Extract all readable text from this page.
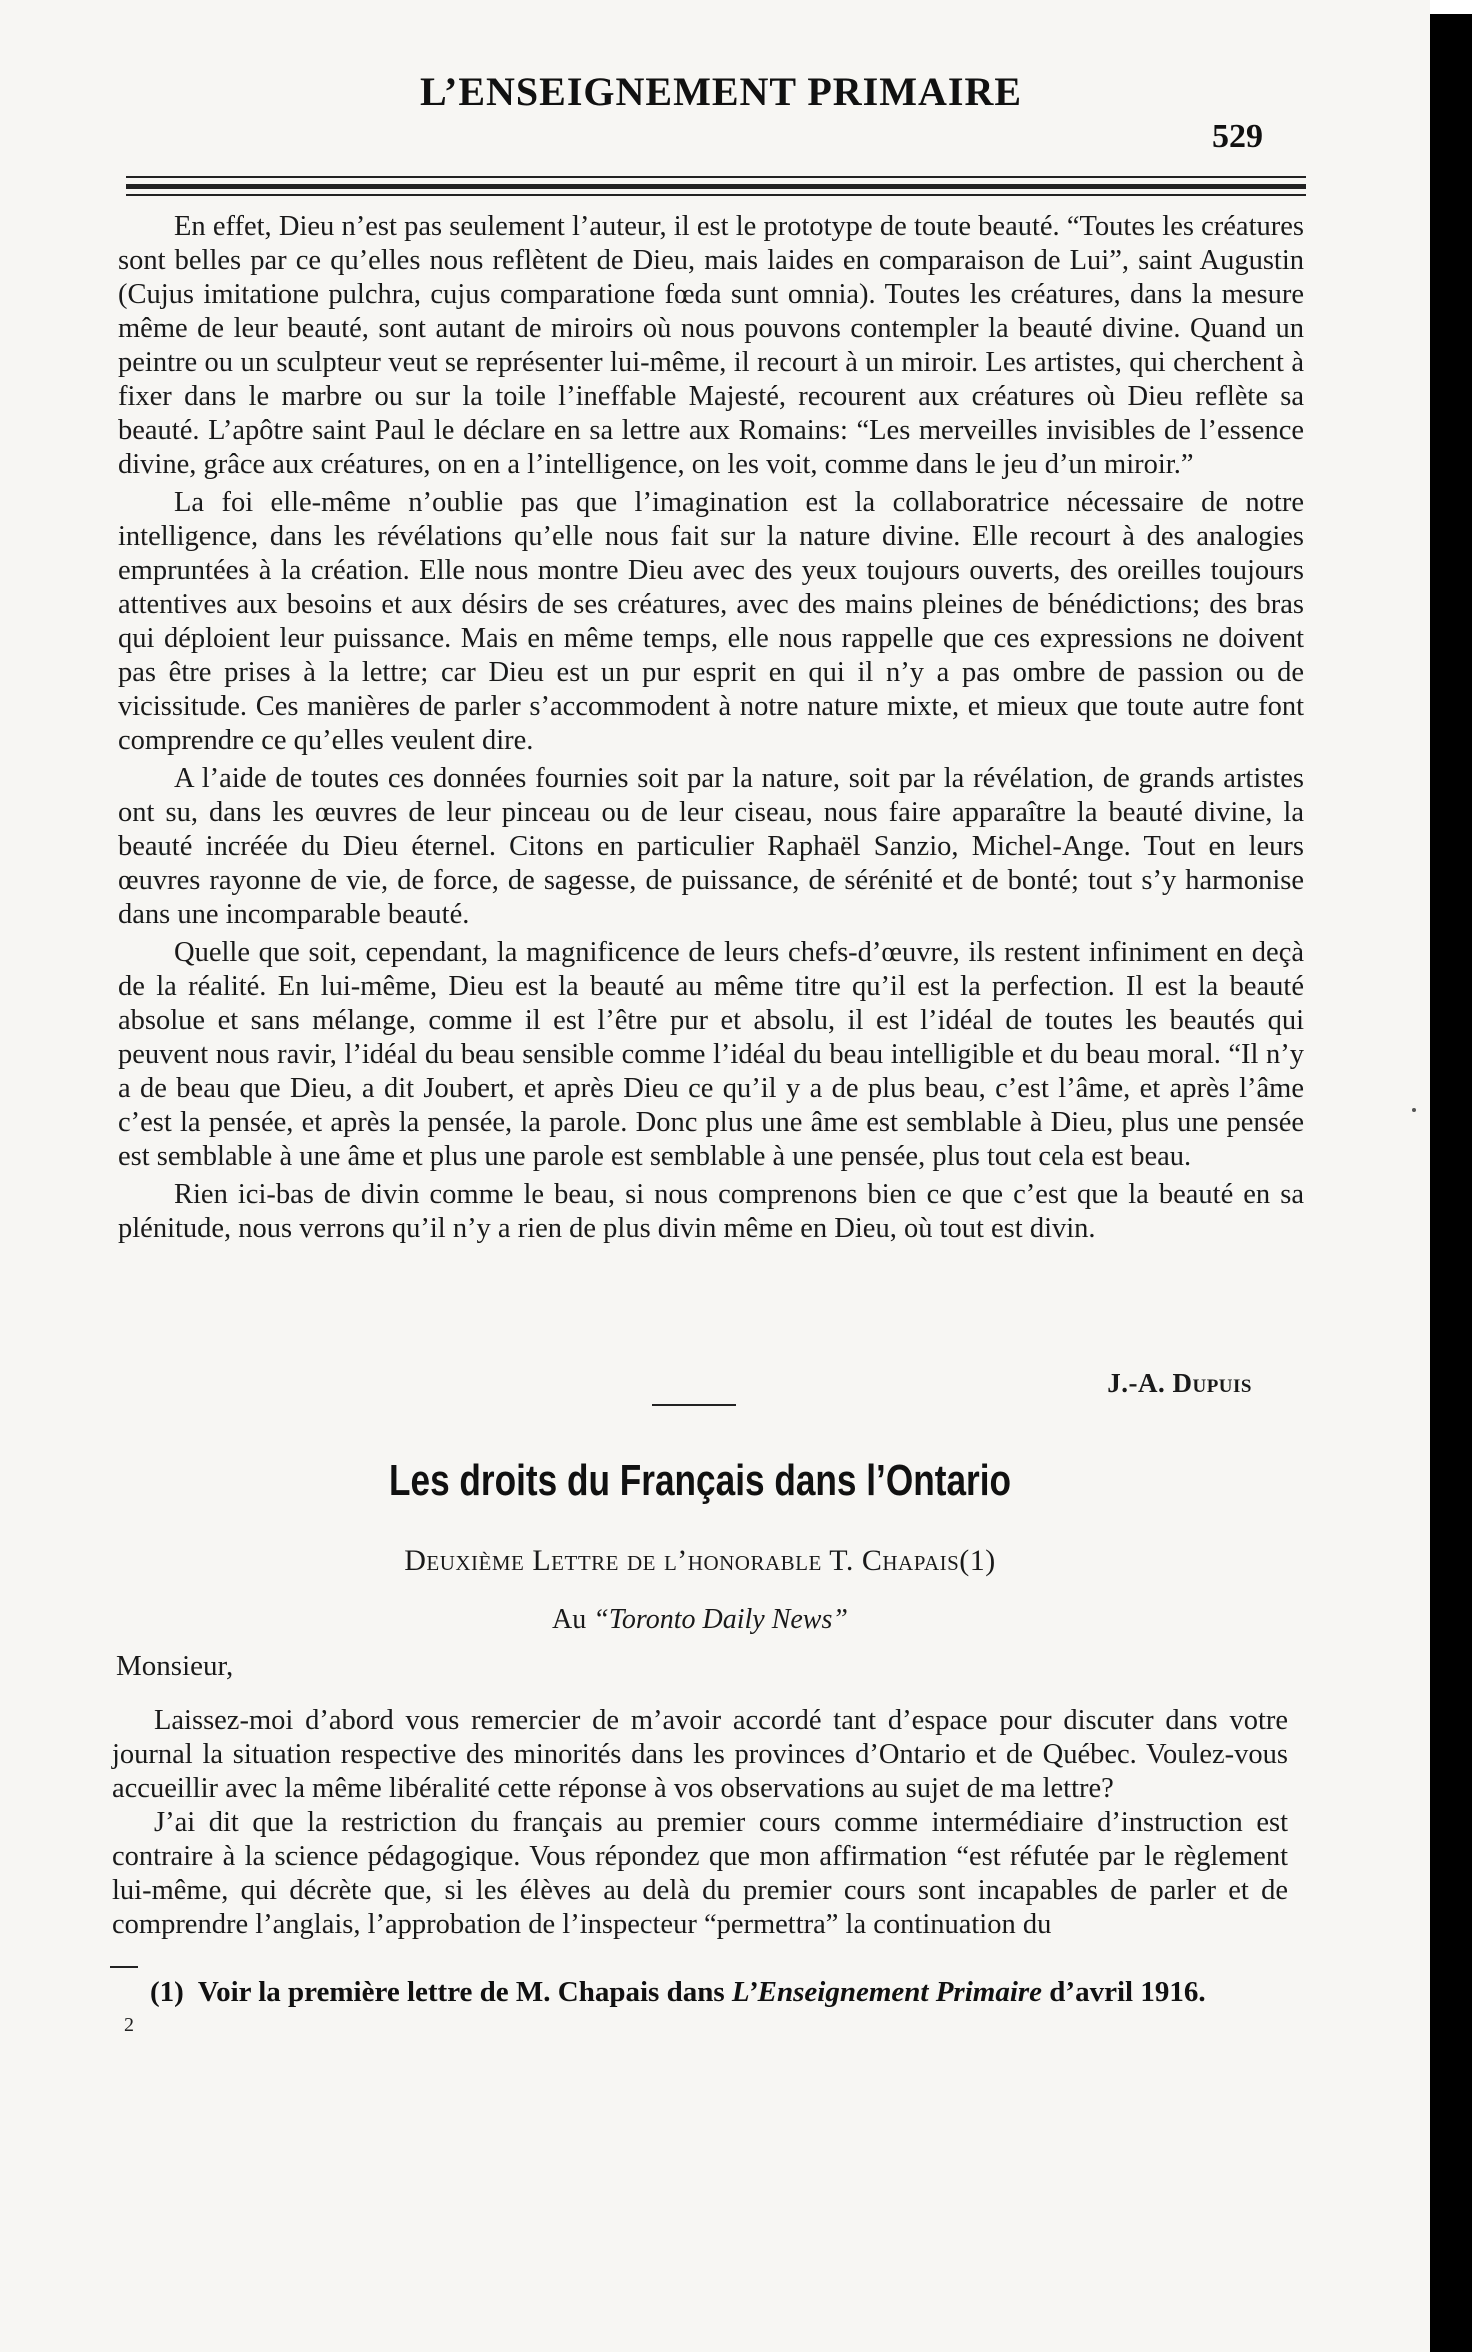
L’ENSEIGNEMENT PRIMAIRE
529

En effet, Dieu n’est pas seulement l’auteur, il est le prototype de toute beauté. “Toutes les créatures sont belles par ce qu’elles nous reflètent de Dieu, mais laides en comparaison de Lui”, saint Augustin (Cujus imitatione pulchra, cujus comparatione fœda sunt omnia). Toutes les créatures, dans la mesure même de leur beauté, sont autant de miroirs où nous pouvons contempler la beauté divine. Quand un peintre ou un sculpteur veut se représenter lui-même, il recourt à un miroir. Les artistes, qui cherchent à fixer dans le marbre ou sur la toile l’ineffable Majesté, recourent aux créatures où Dieu reflète sa beauté. L’apôtre saint Paul le déclare en sa lettre aux Romains: “Les merveilles invisibles de l’essence divine, grâce aux créatures, on en a l’intelligence, on les voit, comme dans le jeu d’un miroir.”

La foi elle-même n’oublie pas que l’imagination est la collaboratrice nécessaire de notre intelligence, dans les révélations qu’elle nous fait sur la nature divine. Elle recourt à des analogies empruntées à la création. Elle nous montre Dieu avec des yeux toujours ouverts, des oreilles toujours attentives aux besoins et aux désirs de ses créatures, avec des mains pleines de bénédictions; des bras qui déploient leur puissance. Mais en même temps, elle nous rappelle que ces expressions ne doivent pas être prises à la lettre; car Dieu est un pur esprit en qui il n’y a pas ombre de passion ou de vicissitude. Ces manières de parler s’accommodent à notre nature mixte, et mieux que toute autre font comprendre ce qu’elles veulent dire.

A l’aide de toutes ces données fournies soit par la nature, soit par la révélation, de grands artistes ont su, dans les œuvres de leur pinceau ou de leur ciseau, nous faire apparaître la beauté divine, la beauté incréée du Dieu éternel. Citons en particulier Raphaël Sanzio, Michel-Ange. Tout en leurs œuvres rayonne de vie, de force, de sagesse, de puissance, de sérénité et de bonté; tout s’y harmonise dans une incomparable beauté.

Quelle que soit, cependant, la magnificence de leurs chefs-d’œuvre, ils restent infiniment en deçà de la réalité. En lui-même, Dieu est la beauté au même titre qu’il est la perfection. Il est la beauté absolue et sans mélange, comme il est l’être pur et absolu, il est l’idéal de toutes les beautés qui peuvent nous ravir, l’idéal du beau sensible comme l’idéal du beau intelligible et du beau moral. “Il n’y a de beau que Dieu, a dit Joubert, et après Dieu ce qu’il y a de plus beau, c’est l’âme, et après l’âme c’est la pensée, et après la pensée, la parole. Donc plus une âme est semblable à Dieu, plus une pensée est semblable à une âme et plus une parole est semblable à une pensée, plus tout cela est beau.

Rien ici-bas de divin comme le beau, si nous comprenons bien ce que c’est que la beauté en sa plénitude, nous verrons qu’il n’y a rien de plus divin même en Dieu, où tout est divin.

J.-A. Dupuis
Les droits du Français dans l’Ontario
Deuxième Lettre de l’honorable T. Chapais(1)
Au “Toronto Daily News”
Monsieur,

Laissez-moi d’abord vous remercier de m’avoir accordé tant d’espace pour discuter dans votre journal la situation respective des minorités dans les provinces d’Ontario et de Québec. Voulez-vous accueillir avec la même libéralité cette réponse à vos observations au sujet de ma lettre?

J’ai dit que la restriction du français au premier cours comme intermédiaire d’instruction est contraire à la science pédagogique. Vous répondez que mon affirmation “est réfutée par le règlement lui-même, qui décrète que, si les élèves au delà du premier cours sont incapables de parler et de comprendre l’anglais, l’approbation de l’inspecteur “permettra” la continuation du

(1) Voir la première lettre de M. Chapais dans L’Enseignement Primaire d’avril 1916.
2
